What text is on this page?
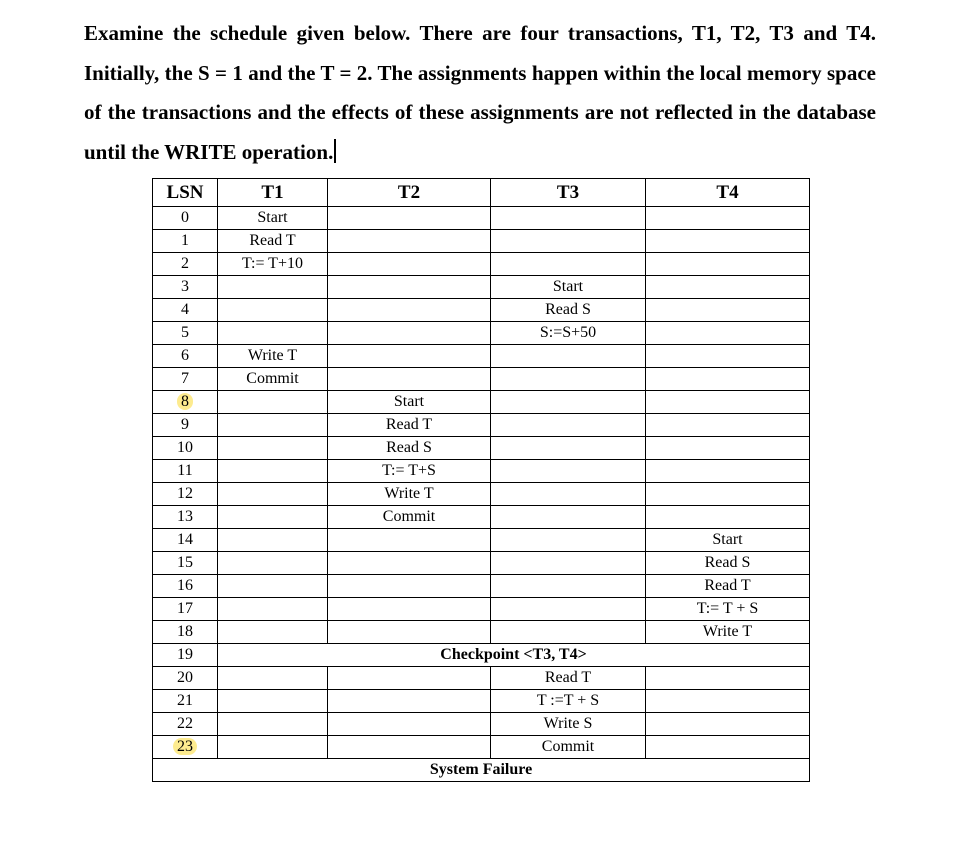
Examine the schedule given below. There are four transactions, T1, T2, T3 and T4. Initially, the S = 1 and the T = 2. The assignments happen within the local memory space of the transactions and the effects of these assignments are not reflected in the database until the WRITE operation.

LSN	T1	T2	T3	T4
0	Start			
1	Read T			
2	T:= T+10			
3			Start	
4			Read S	
5			S:=S+50	
6	Write T			
7	Commit			
8		Start		
9		Read T		
10		Read S		
11		T:= T+S		
12		Write T		
13		Commit		
14				Start
15				Read S
16				Read T
17				T:= T + S
18				Write T
19	Checkpoint <T3, T4>			
20			Read T	
21			T :=T + S	
22			Write S	
23			Commit	
System Failure				
